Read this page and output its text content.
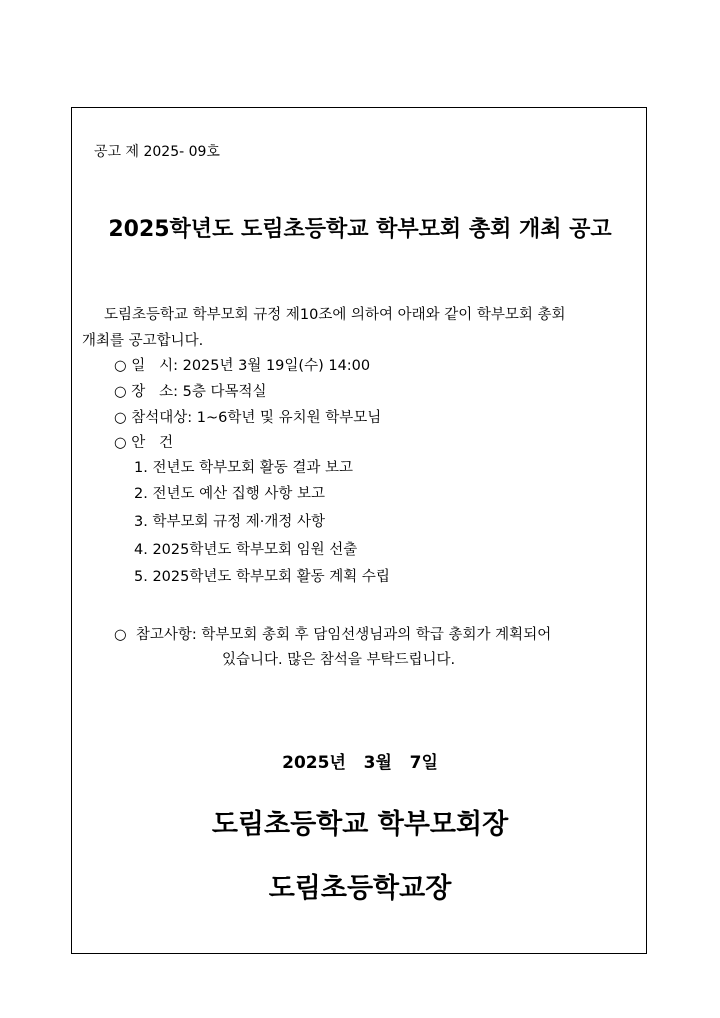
공고 제 2025- 09호
2025학년도 도림초등학교 학부모회 총회 개최 공고
도림초등학교 학부모회 규정 제10조에 의하여 아래와 같이 학부모회 총회
개최를 공고합니다.
○ 일   시: 2025년 3월 19일(수) 14:00
○ 장   소: 5층 다목적실
○ 참석대상: 1~6학년 및 유치원 학부모님
○ 안   건
1. 전년도 학부모회 활동 결과 보고
2. 전년도 예산 집행 사항 보고
3. 학부모회 규정 제·개정 사항
4. 2025학년도 학부모회 임원 선출
5. 2025학년도 학부모회 활동 계획 수립
○  참고사항: 학부모회 총회 후 담임선생님과의 학급 총회가 계획되어
있습니다. 많은 참석을 부탁드립니다.
2025년   3월   7일
도림초등학교 학부모회장
도림초등학교장
